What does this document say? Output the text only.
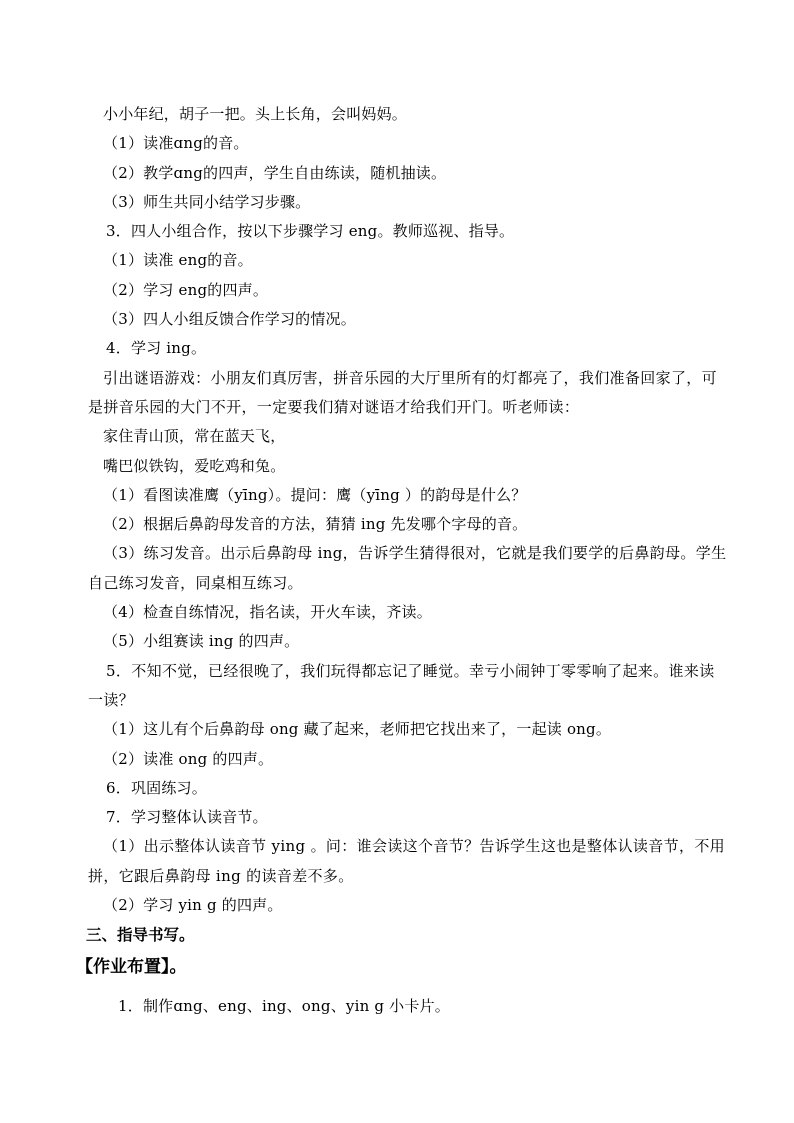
小小年纪，胡子一把。头上长角，会叫妈妈。
（1）读准ɑng的音。
（2）教学ɑng的四声，学生自由练读，随机抽读。
（3）师生共同小结学习步骤。
3．四人小组合作，按以下步骤学习 eng。教师巡视、指导。
（1）读准 eng的音。
（2）学习 eng的四声。
（3）四人小组反馈合作学习的情况。
4．学习 ing。
引出谜语游戏：小朋友们真厉害，拼音乐园的大厅里所有的灯都亮了，我们准备回家了，可是拼音乐园的大门不开，一定要我们猜对谜语才给我们开门。听老师读：
家住青山顶，常在蓝天飞，
嘴巴似铁钩，爱吃鸡和兔。
（1）看图读准鹰（yīng）。提问：鹰（yīng ）的韵母是什么？
（2）根据后鼻韵母发音的方法，猜猜 ing 先发哪个字母的音。
（3）练习发音。出示后鼻韵母 ing，告诉学生猜得很对，它就是我们要学的后鼻韵母。学生自己练习发音，同桌相互练习。
（4）检查自练情况，指名读，开火车读，齐读。
（5）小组赛读 ing 的四声。
5．不知不觉，已经很晚了，我们玩得都忘记了睡觉。幸亏小闹钟丁零零响了起来。谁来读一读？
（1）这儿有个后鼻韵母 ong 藏了起来，老师把它找出来了，一起读 ong。
（2）读准 ong 的四声。
6．巩固练习。
7．学习整体认读音节。
（1）出示整体认读音节 ying 。问：谁会读这个音节？告诉学生这也是整体认读音节，不用拼，它跟后鼻韵母 ing 的读音差不多。
（2）学习 yin g 的四声。
三、指导书写。
【作业布置】。
1．制作ɑng、eng、ing、ong、yin g 小卡片。
